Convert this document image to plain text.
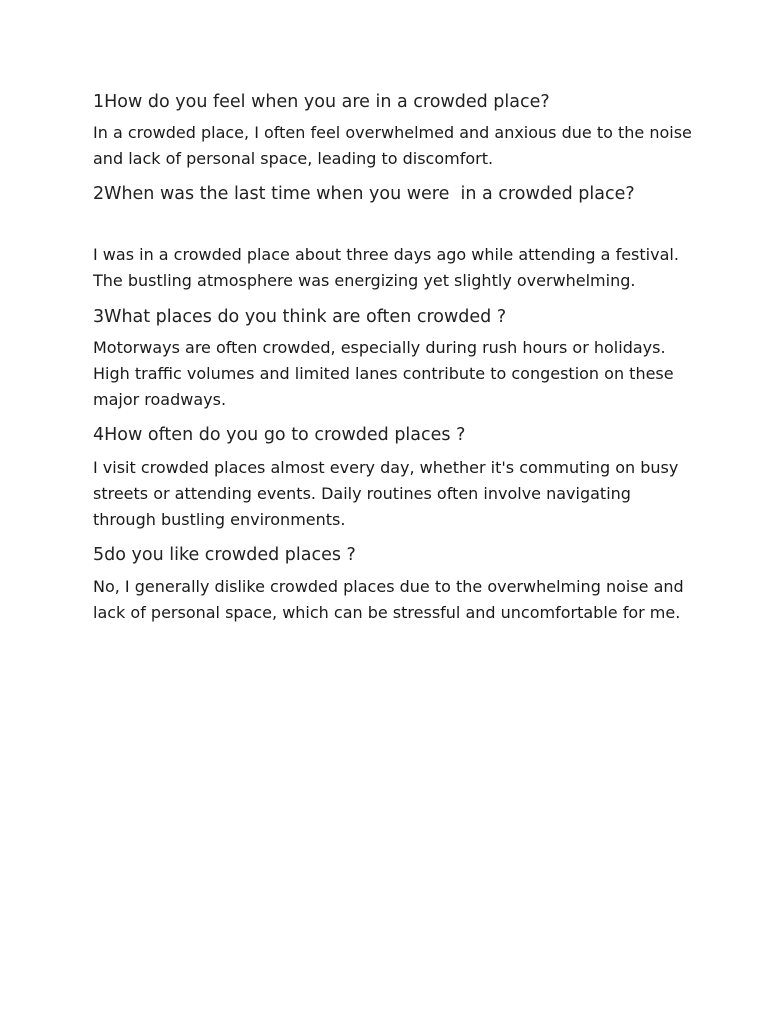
1How do you feel when you are in a crowded place?

In a crowded place, I often feel overwhelmed and anxious due to the noise and lack of personal space, leading to discomfort.

2When was the last time when you were  in a crowded place?

I was in a crowded place about three days ago while attending a festival. The bustling atmosphere was energizing yet slightly overwhelming.

3What places do you think are often crowded ?

Motorways are often crowded, especially during rush hours or holidays. High traffic volumes and limited lanes contribute to congestion on these major roadways.

4How often do you go to crowded places ?

I visit crowded places almost every day, whether it's commuting on busy streets or attending events. Daily routines often involve navigating through bustling environments.

5do you like crowded places ?

No, I generally dislike crowded places due to the overwhelming noise and lack of personal space, which can be stressful and uncomfortable for me.
